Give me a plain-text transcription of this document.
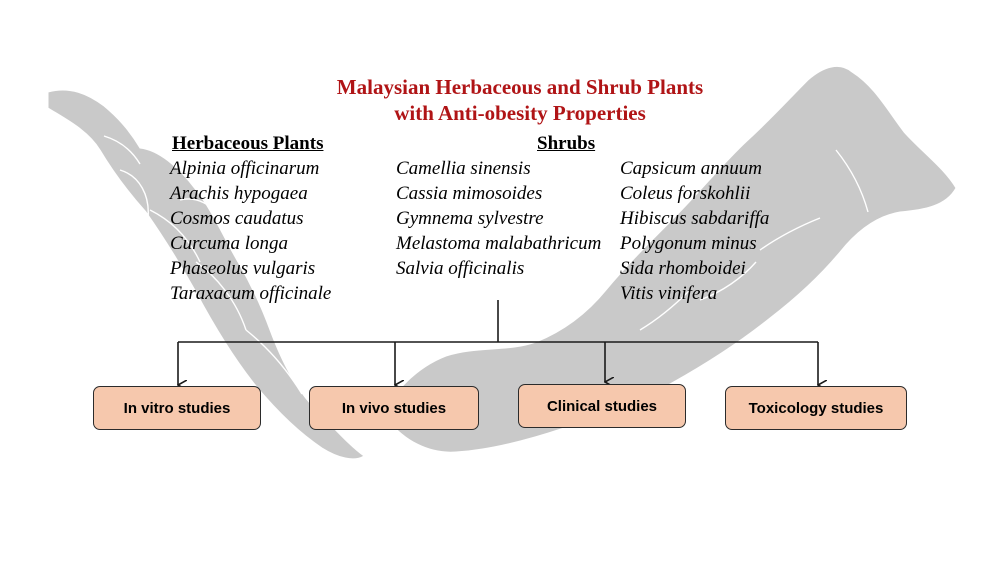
Malaysian Herbaceous and Shrub Plants
with Anti-obesity Properties
Herbaceous Plants	Shrubs
Alpinia officinarum
Arachis hypogaea
Cosmos caudatus
Curcuma longa
Phaseolus vulgaris
Taraxacum officinale
Camellia sinensis
Cassia mimosoides
Gymnema sylvestre
Melastoma malabathricum
Salvia officinalis
Capsicum annuum
Coleus forskohlii
Hibiscus sabdariffa
Polygonum minus
Sida rhomboidei
Vitis vinifera
In vitro studies	In vivo studies	Clinical studies	Toxicology studies
